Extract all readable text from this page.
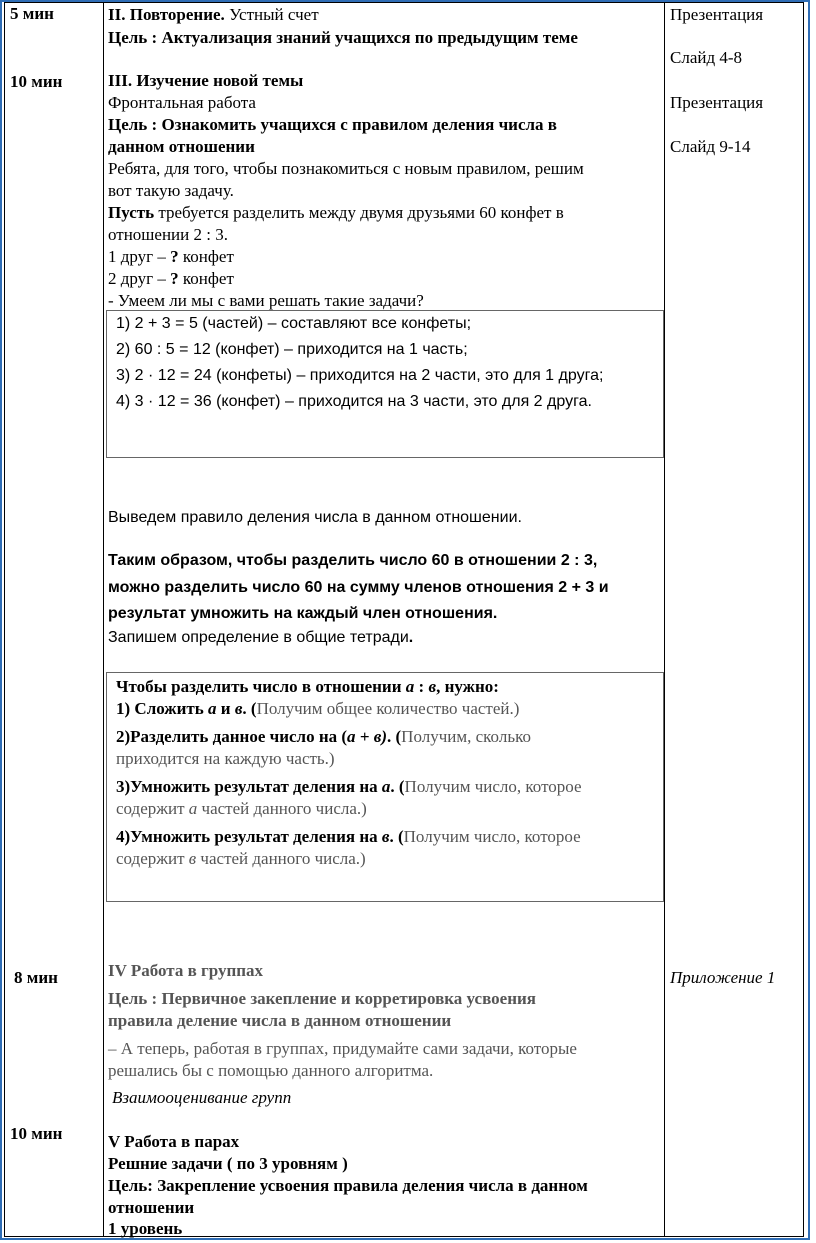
5 мин
10 мин
8 мин
10 мин
Презентация
Слайд 4-8
Презентация
Слайд 9-14
Приложение 1
II. Повторение. Устный счет
Цель : Актуализация знаний учащихся по предыдущим теме
III. Изучение новой темы
Фронтальная работа
Цель : Ознакомить учащихся с правилом деления числа в
данном отношении
Ребята, для того, чтобы познакомиться с новым правилом, решим
вот такую задачу.
Пусть требуется разделить между двумя друзьями 60 конфет в
отношении 2 : 3.
1 друг – ? конфет
2 друг – ? конфет
- Умеем ли мы с вами решать такие задачи?
1) 2 + 3 = 5 (частей) – составляют все конфеты;
2) 60 : 5 = 12 (конфет) – приходится на 1 часть;
3) 2 · 12 = 24 (конфеты) – приходится на 2 части, это для 1 друга;
4) 3 · 12 = 36 (конфет) – приходится на 3 части, это для 2 друга.
Выведем правило деления числа в данном отношении.
Таким образом, чтобы разделить число 60 в отношении 2 : 3,
можно разделить число 60 на сумму членов отношения 2 + 3 и
результат умножить на каждый член отношения.
Запишем определение в общие тетради.
Чтобы разделить число в отношении а : в, нужно:
1) Сложить а и в. (Получим общее количество частей.)
2)Разделить данное число на (а + в). (Получим, сколько
приходится на каждую часть.)
3)Умножить результат деления на а. (Получим число, которое
содержит а частей данного числа.)
4)Умножить результат деления на в. (Получим число, которое
содержит в частей данного числа.)
IV Работа в группах
Цель : Первичное закепление и корретировка усвоения
правила деление числа в данном отношении
– А теперь, работая в группах, придумайте сами задачи, которые
решались бы с помощью данного алгоритма.
Взаимооценивание групп
V Работа в парах
Решние задачи ( по 3 уровням )
Цель: Закрепление усвоения правила деления числа в данном
отношении
1 уровень
